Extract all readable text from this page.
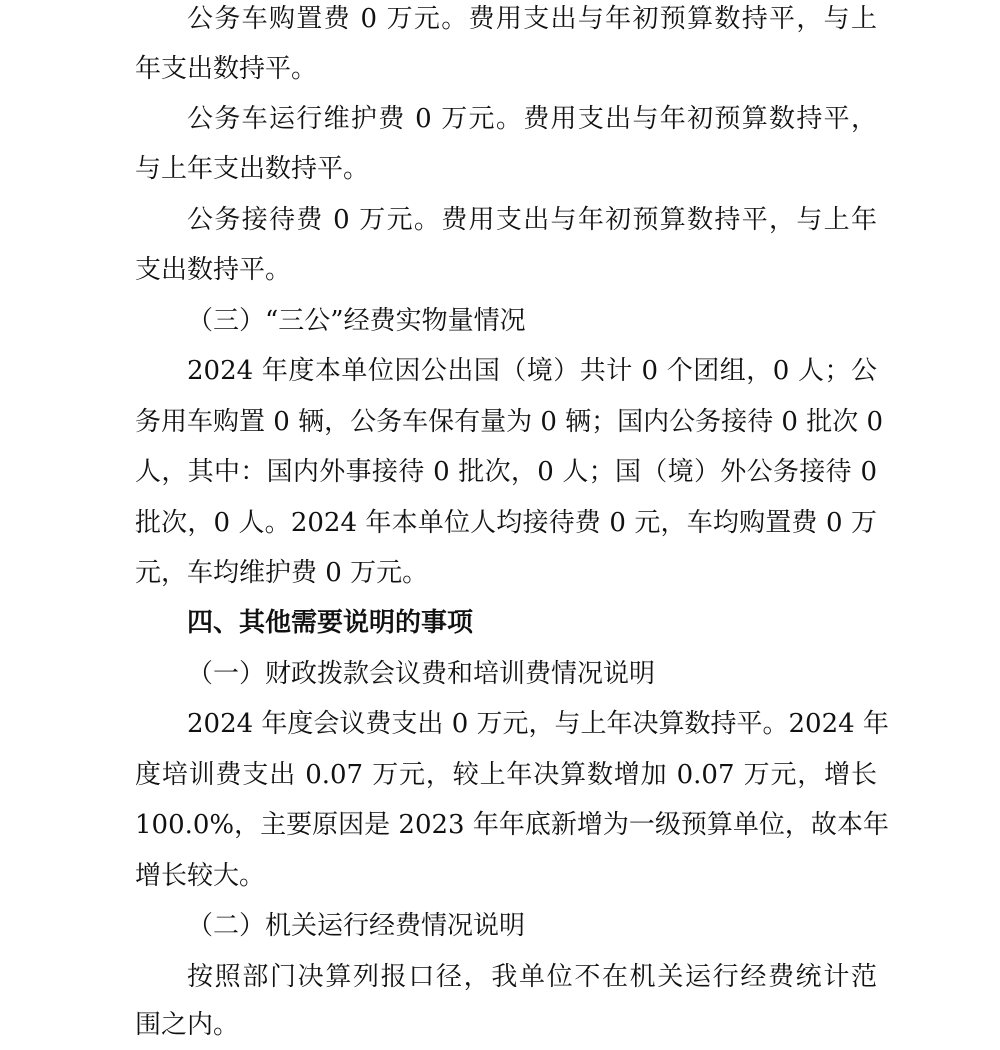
公务车购置费 0 万元。费用支出与年初预算数持平，与上
年支出数持平。
公务车运行维护费 0 万元。费用支出与年初预算数持平，
与上年支出数持平。
公务接待费 0 万元。费用支出与年初预算数持平，与上年
支出数持平。
（三）“三公”经费实物量情况
2024 年度本单位因公出国（境）共计 0 个团组，0 人；公
务用车购置 0 辆，公务车保有量为 0 辆；国内公务接待 0 批次 0
人，其中：国内外事接待 0 批次，0 人；国（境）外公务接待 0
批次，0 人。2024 年本单位人均接待费 0 元，车均购置费 0 万
元，车均维护费 0 万元。
四、其他需要说明的事项
（一）财政拨款会议费和培训费情况说明
2024 年度会议费支出 0 万元，与上年决算数持平。2024 年
度培训费支出 0.07 万元，较上年决算数增加 0.07 万元，增长
100.0%，主要原因是 2023 年年底新增为一级预算单位，故本年
增长较大。
（二）机关运行经费情况说明
按照部门决算列报口径，我单位不在机关运行经费统计范
围之内。
